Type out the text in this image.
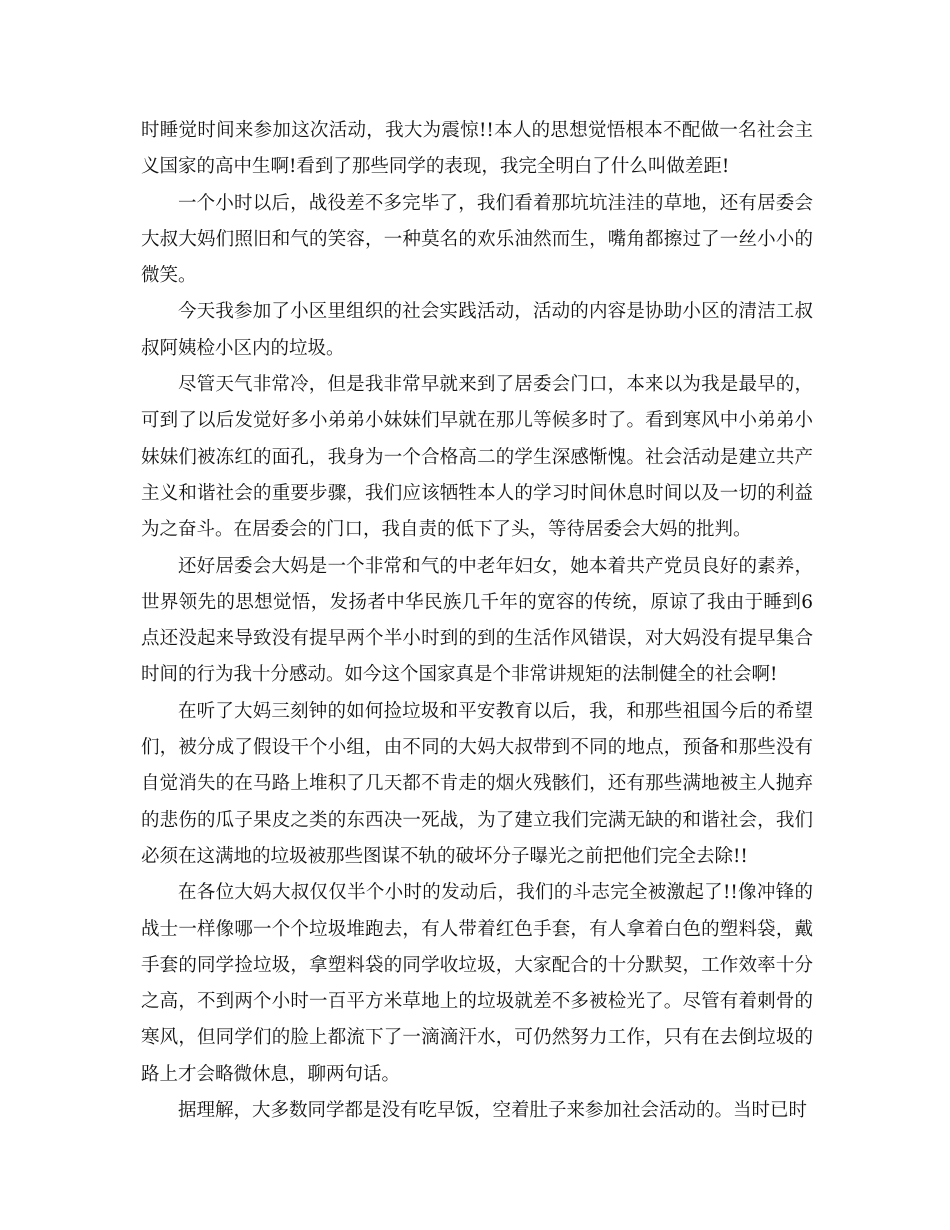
时睡觉时间来参加这次活动，我大为震惊!!本人的思想觉悟根本不配做一名社会主义国家的高中生啊!看到了那些同学的表现，我完全明白了什么叫做差距!

一个小时以后，战役差不多完毕了，我们看着那坑坑洼洼的草地，还有居委会大叔大妈们照旧和气的笑容，一种莫名的欢乐油然而生，嘴角都擦过了一丝小小的微笑。

今天我参加了小区里组织的社会实践活动，活动的内容是协助小区的清洁工叔叔阿姨检小区内的垃圾。

尽管天气非常冷，但是我非常早就来到了居委会门口，本来以为我是最早的，可到了以后发觉好多小弟弟小妹妹们早就在那儿等候多时了。看到寒风中小弟弟小妹妹们被冻红的面孔，我身为一个合格高二的学生深感惭愧。社会活动是建立共产主义和谐社会的重要步骤，我们应该牺牲本人的学习时间休息时间以及一切的利益为之奋斗。在居委会的门口，我自责的低下了头，等待居委会大妈的批判。

还好居委会大妈是一个非常和气的中老年妇女，她本着共产党员良好的素养，世界领先的思想觉悟，发扬者中华民族几千年的宽容的传统，原谅了我由于睡到6点还没起来导致没有提早两个半小时到的到的生活作风错误，对大妈没有提早集合时间的行为我十分感动。如今这个国家真是个非常讲规矩的法制健全的社会啊!

在听了大妈三刻钟的如何捡垃圾和平安教育以后，我，和那些祖国今后的希望们，被分成了假设干个小组，由不同的大妈大叔带到不同的地点，预备和那些没有自觉消失的在马路上堆积了几天都不肯走的烟火残骸们，还有那些满地被主人抛弃的悲伤的瓜子果皮之类的东西决一死战，为了建立我们完满无缺的和谐社会，我们必须在这满地的垃圾被那些图谋不轨的破坏分子曝光之前把他们完全去除!!

在各位大妈大叔仅仅半个小时的发动后，我们的斗志完全被激起了!!像冲锋的战士一样像哪一个个垃圾堆跑去，有人带着红色手套，有人拿着白色的塑料袋，戴手套的同学捡垃圾，拿塑料袋的同学收垃圾，大家配合的十分默契，工作效率十分之高，不到两个小时一百平方米草地上的垃圾就差不多被检光了。尽管有着刺骨的寒风，但同学们的脸上都流下了一滴滴汗水，可仍然努力工作，只有在去倒垃圾的路上才会略微休息，聊两句话。

据理解，大多数同学都是没有吃早饭，空着肚子来参加社会活动的。当时已时
